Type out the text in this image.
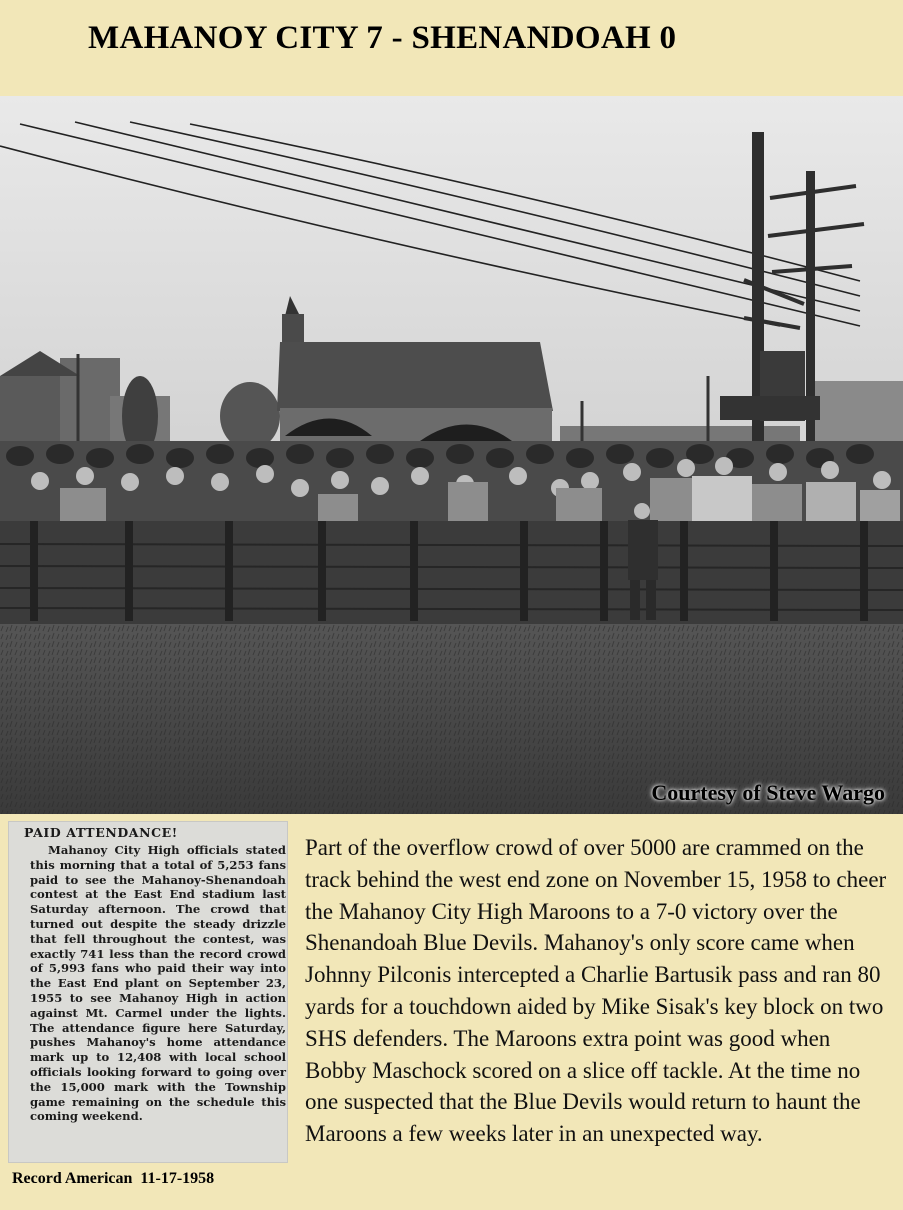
MAHANOY CITY 7 - SHENANDOAH 0
Courtesy of Steve Wargo
PAID ATTENDANCE!
Mahanoy City High officials stated this morning that a total of 5,253 fans paid to see the Mahanoy-Shenandoah contest at the East End stadium last Saturday afternoon. The crowd that turned out despite the steady drizzle that fell throughout the contest, was exactly 741 less than the record crowd of 5,993 fans who paid their way into the East End plant on September 23, 1955 to see Mahanoy High in action against Mt. Carmel under the lights. The attendance figure here Saturday, pushes Mahanoy's home attendance mark up to 12,408 with local school officials looking forward to going over the 15,000 mark with the Township game remaining on the schedule this coming weekend.
Record American  11-17-1958
Part of the overflow crowd of over 5000 are crammed on the track behind the west end zone on November 15, 1958 to cheer the Mahanoy City High Maroons to a 7-0 victory over the Shenandoah Blue Devils. Mahanoy's only score came when Johnny Pilconis intercepted a Charlie Bartusik pass and ran 80 yards for a touchdown aided by Mike Sisak's key block on two SHS defenders. The Maroons extra point was good when Bobby Maschock scored on a slice off tackle. At the time no one suspected that the Blue Devils would return to haunt the Maroons a few weeks later in an unexpected way.
